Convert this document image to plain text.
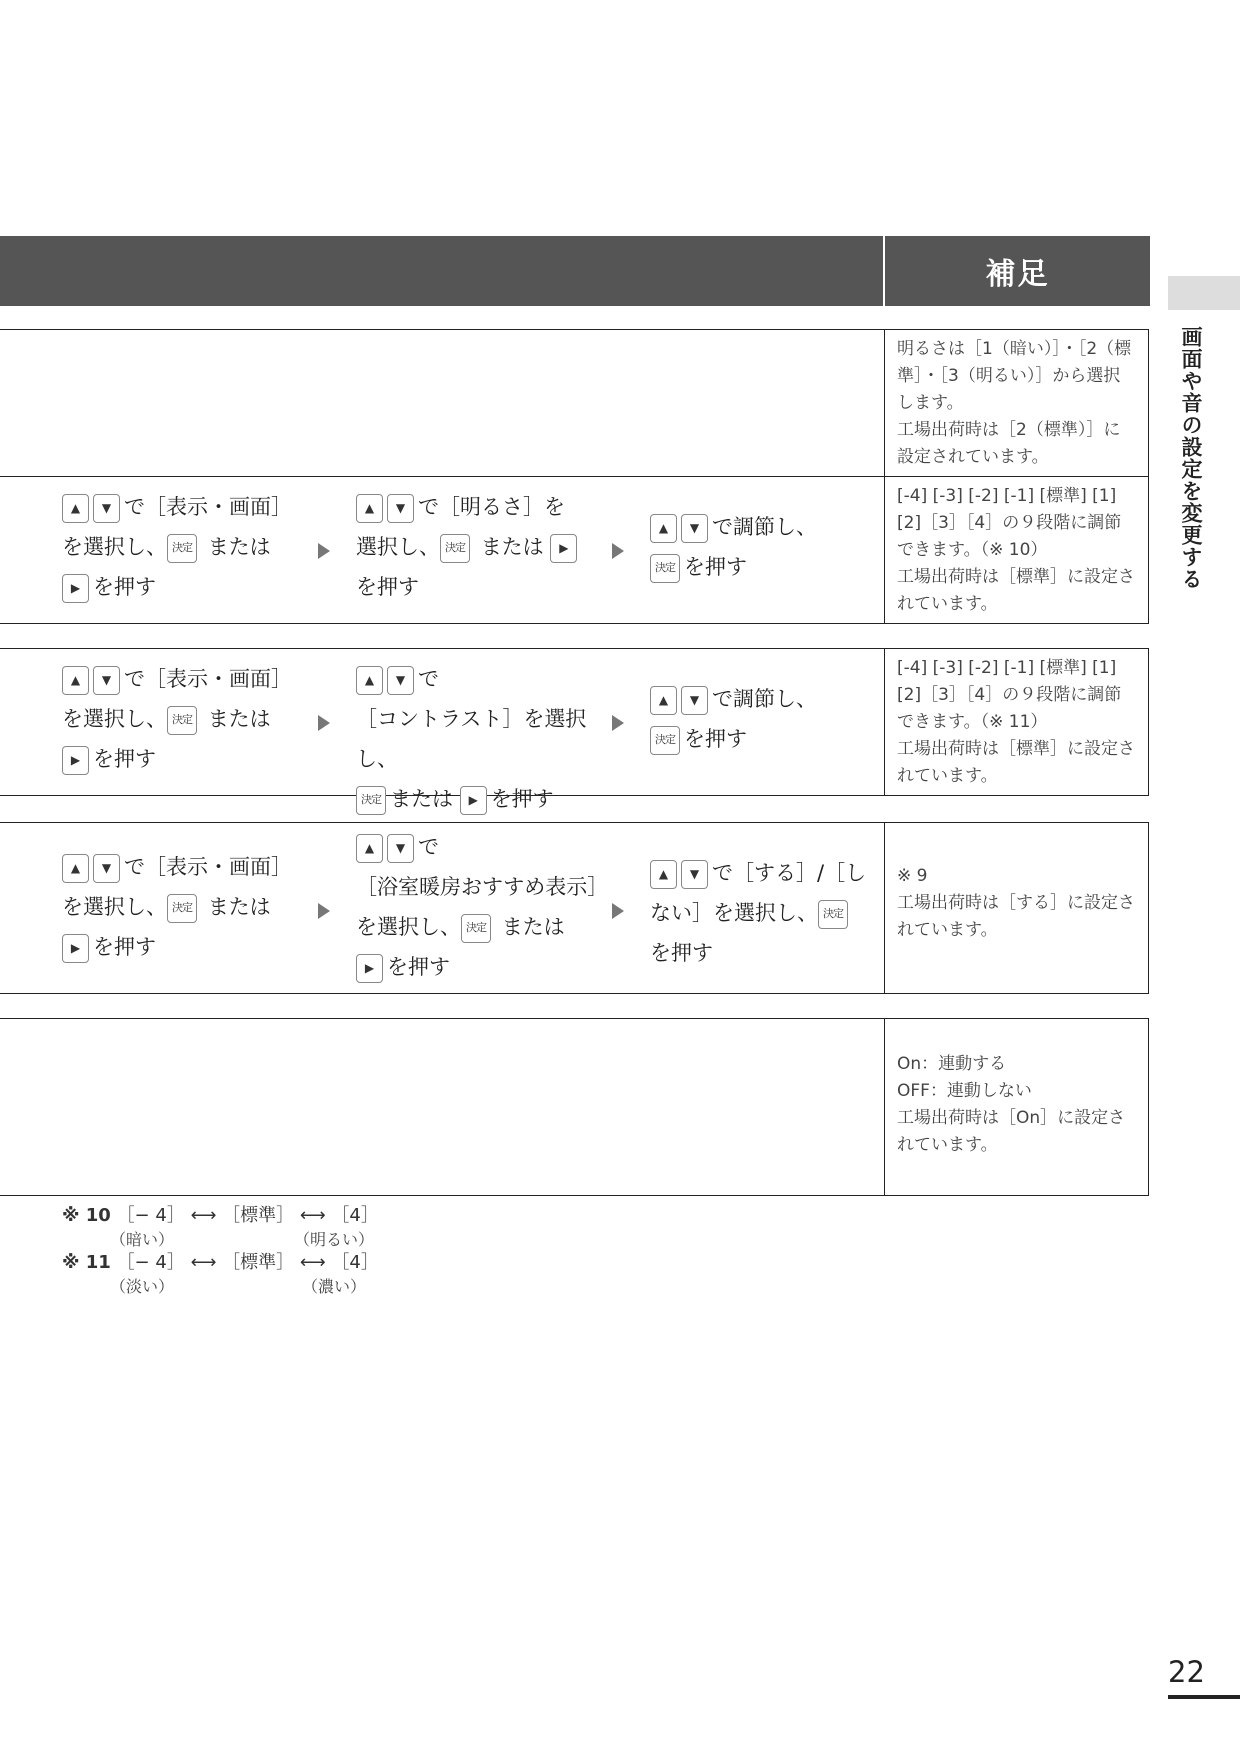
補足
画面や音の設定を変更する
明るさは［1（暗い）］・［2（標
準］・［3（明るい）］から選択
します。
工場出荷時は［2（標準）］に
設定されています。
▲ ▼ で［表示・画面］
を選択し、 決定 または
▶ を押す
▲ ▼ で［明るさ］を
選択し、 決定 または ▶
を押す
▲ ▼ で調節し、
決定 を押す
[-4] [-3] [-2] [-1] [標準] [1]
[2]［3］［4］の９段階に調節
できます。（※ 10）
工場出荷時は［標準］に設定さ
れています。
▲ ▼ で［表示・画面］
を選択し、 決定 または
▶ を押す
▲ ▼ で
［コントラスト］を選択し、
決定 または ▶ を押す
▲ ▼ で調節し、
決定 を押す
[-4] [-3] [-2] [-1] [標準] [1]
[2]［3］［4］の９段階に調節
できます。（※ 11）
工場出荷時は［標準］に設定さ
れています。
▲ ▼ で［表示・画面］
を選択し、 決定 または
▶ を押す
▲ ▼ で
［浴室暖房おすすめ表示］
を選択し、 決定 または
▶ を押す
▲ ▼ で［する］/［し
ない］を選択し、 決定
を押す
※ 9
工場出荷時は［する］に設定さ
れています。
On：連動する
OFF：連動しない
工場出荷時は［On］に設定さ
れています。
※ 10 ［− 4］ ⟷ ［標準］ ⟷ ［4］
（暗い）	（明るい）
※ 11 ［− 4］ ⟷ ［標準］ ⟷ ［4］
（淡い）	（濃い）
22
